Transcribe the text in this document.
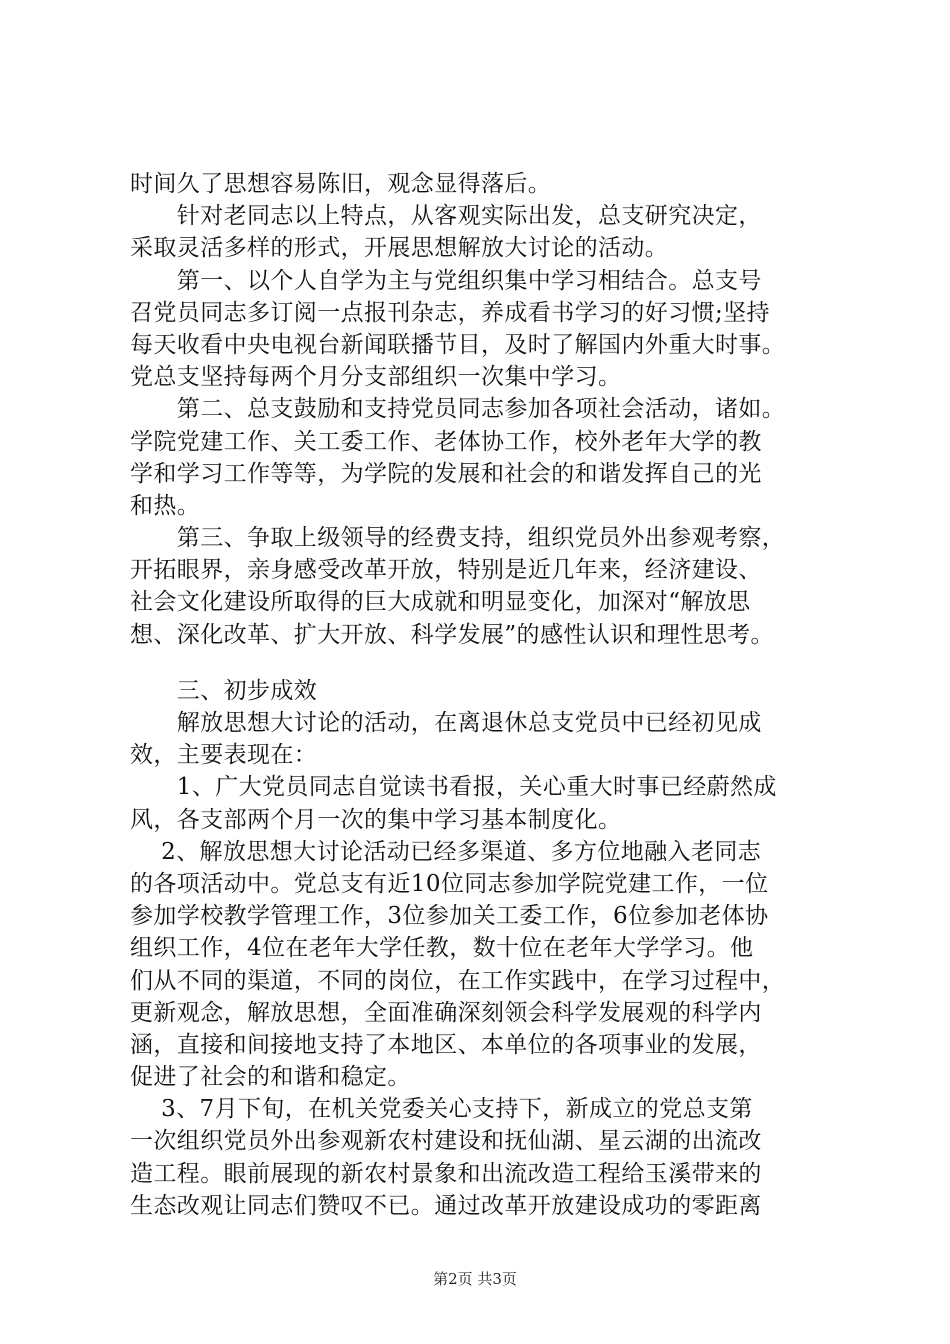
时间久了思想容易陈旧，观念显得落后。
　　针对老同志以上特点，从客观实际出发，总支研究决定，
采取灵活多样的形式，开展思想解放大讨论的活动。
　　第一、以个人自学为主与党组织集中学习相结合。总支号
召党员同志多订阅一点报刊杂志，养成看书学习的好习惯;坚持
每天收看中央电视台新闻联播节目，及时了解国内外重大时事。
党总支坚持每两个月分支部组织一次集中学习。
　　第二、总支鼓励和支持党员同志参加各项社会活动，诸如。
学院党建工作、关工委工作、老体协工作，校外老年大学的教
学和学习工作等等，为学院的发展和社会的和谐发挥自己的光
和热。
　　第三、争取上级领导的经费支持，组织党员外出参观考察，
开拓眼界，亲身感受改革开放，特别是近几年来，经济建设、
社会文化建设所取得的巨大成就和明显变化，加深对“解放思
想、深化改革、扩大开放、科学发展”的感性认识和理性思考。
　　三、初步成效
　　解放思想大讨论的活动，在离退休总支党员中已经初见成
效，主要表现在：
　　1、广大党员同志自觉读书看报，关心重大时事已经蔚然成
风，各支部两个月一次的集中学习基本制度化。
　 2、解放思想大讨论活动已经多渠道、多方位地融入老同志
的各项活动中。党总支有近10位同志参加学院党建工作，一位
参加学校教学管理工作，3位参加关工委工作，6位参加老体协
组织工作，4位在老年大学任教，数十位在老年大学学习。他
们从不同的渠道，不同的岗位，在工作实践中，在学习过程中，
更新观念，解放思想，全面准确深刻领会科学发展观的科学内
涵，直接和间接地支持了本地区、本单位的各项事业的发展，
促进了社会的和谐和稳定。
　 3、7月下旬，在机关党委关心支持下，新成立的党总支第
一次组织党员外出参观新农村建设和抚仙湖、星云湖的出流改
造工程。眼前展现的新农村景象和出流改造工程给玉溪带来的
生态改观让同志们赞叹不已。通过改革开放建设成功的零距离
第2页 共3页
